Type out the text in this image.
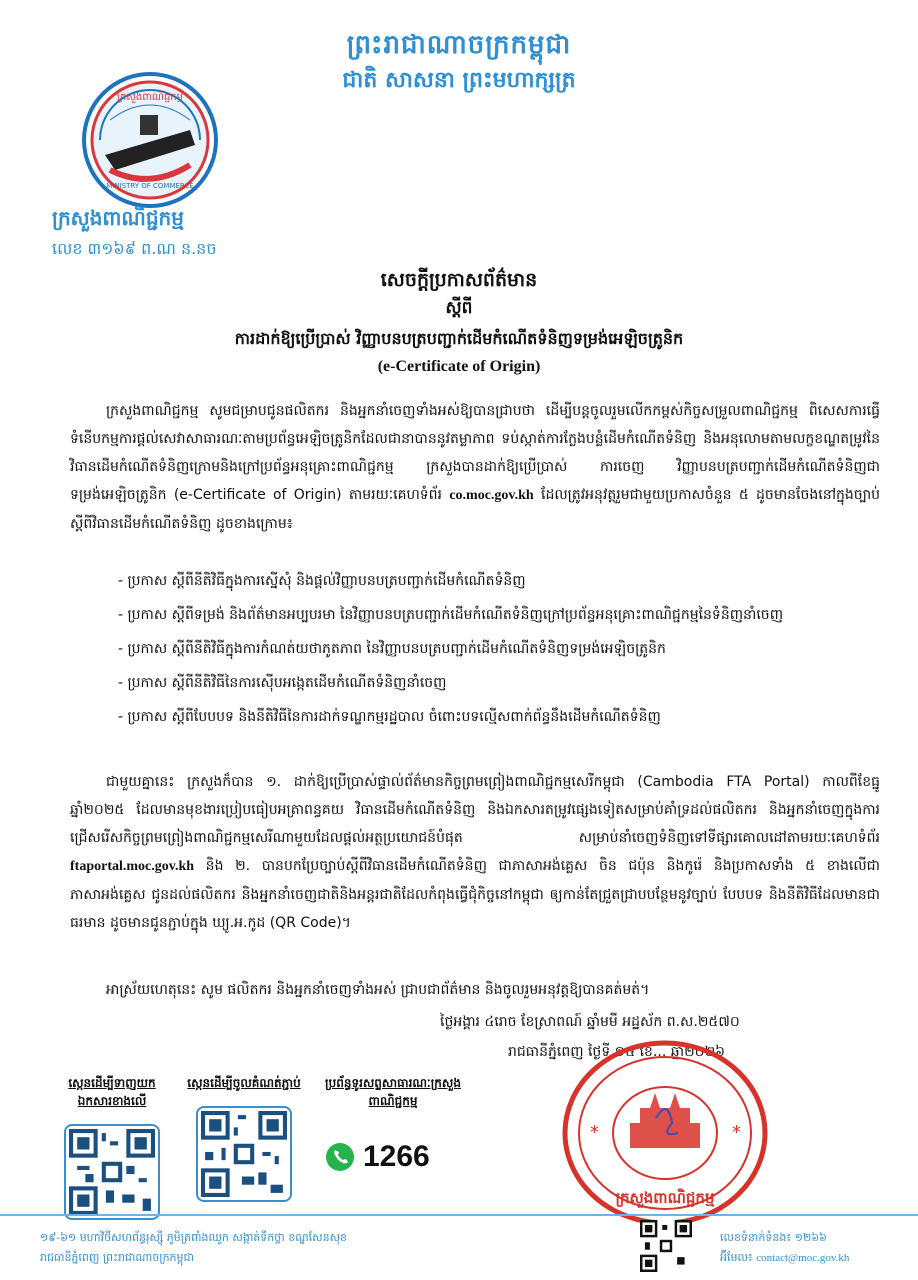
ព្រះរាជាណាចក្រកម្ពុជា
ជាតិ សាសនា ព្រះមហាក្សត្រ
ក្រសួងពាណិជ្ជកម្ម
MINISTRY OF COMMERCE
ក្រសួងពាណិជ្ជកម្ម
លេខ ៣១៦៩ ព.ណ ន.នច
សេចក្តីប្រកាសព័ត៌មាន
ស្តីពី
ការដាក់ឱ្យប្រើប្រាស់ វិញ្ញាបនបត្របញ្ជាក់ដើមកំណើតទំនិញទម្រង់អេឡិចត្រូនិក
(e-Certificate of Origin)
ក្រសួងពាណិជ្ជកម្ម សូមជម្រាបជូនផលិតករ និងអ្នកនាំចេញទាំងអស់ឱ្យបានជ្រាបថា ដើម្បីបន្តចូលរួមលើកកម្ពស់កិច្ចសម្រួលពាណិជ្ជកម្ម ពិសេសការធ្វើទំនើបកម្មការផ្តល់សេវាសាធារណៈតាមប្រព័ន្ធអេឡិចត្រូនិកដែលជានាបាននូវតម្លាភាព ទប់ស្កាត់ការក្លែងបន្លំដើមកំណើតទំនិញ និងអនុលោមតាមលក្ខខណ្ឌតម្រូវនៃវិធានដើមកំណើតទំនិញក្រោមនិងក្រៅប្រព័ន្ធអនុគ្រោះពាណិជ្ជកម្ម ក្រសួងបានដាក់ឱ្យប្រើប្រាស់ ការចេញ វិញ្ញាបនបត្របញ្ជាក់ដើមកំណើតទំនិញជាទម្រង់អេឡិចត្រូនិក (e-Certificate of Origin) តាមរយៈគេហទំព័រ co.moc.gov.kh ដែលត្រូវអនុវត្តរួមជាមួយប្រកាសចំនួន ៥ ដូចមានចែងនៅក្នុងច្បាប់ ស្តីពីវិធានដើមកំណើតទំនិញ ដូចខាងក្រោម៖
- ប្រកាស ស្តីពីនីតិវិធីក្នុងការស្នើសុំ និងផ្តល់វិញ្ញាបនបត្របញ្ជាក់ដើមកំណើតទំនិញ
- ប្រកាស ស្តីពីទម្រង់ និងព័ត៌មានអប្បបរមា នៃវិញ្ញាបនបត្របញ្ជាក់ដើមកំណើតទំនិញក្រៅប្រព័ន្ធអនុគ្រោះពាណិជ្ជកម្មនៃទំនិញនាំចេញ
- ប្រកាស ស្តីពីនីតិវិធីក្នុងការកំណត់យថាភូតភាព នៃវិញ្ញាបនបត្របញ្ជាក់ដើមកំណើតទំនិញទម្រង់អេឡិចត្រូនិក
- ប្រកាស ស្តីពីនីតិវិធីនៃការស៊ើបអង្កេតដើមកំណើតទំនិញនាំចេញ
- ប្រកាស ស្តីពីបែបបទ និងនីតិវិធីនៃការដាក់ទណ្ឌកម្មរដ្ឋបាល ចំពោះបទល្មើសពាក់ព័ន្ធនឹងដើមកំណើតទំនិញ
ជាមួយគ្នានេះ ក្រសួងក៏បាន ១. ដាក់ឱ្យប្រើប្រាស់ផ្ទាល់ព័ត៌មានកិច្ចព្រមព្រៀងពាណិជ្ជកម្មសេរីកម្ពុជា (Cambodia FTA Portal) កាលពីខែធ្នូ ឆ្នាំ២០២៥ ដែលមានមុខងារប្រៀបធៀបអត្រាពន្ធគយ វិធានដើមកំណើតទំនិញ និងឯកសារតម្រូវផ្សេងទៀតសម្រាប់គាំទ្រដល់ផលិតករ និងអ្នកនាំចេញក្នុងការជ្រើសរើសកិច្ចព្រមព្រៀងពាណិជ្ជកម្មសេរីណាមួយដែលផ្តល់អត្ថប្រយោជន៍បំផុត សម្រាប់នាំចេញទំនិញទៅទីផ្សារគោលដៅតាមរយៈគេហទំព័រ ftaportal.moc.gov.kh និង ២. បានបកប្រែច្បាប់ស្តីពីវិធានដើមកំណើតទំនិញ ជាភាសាអង់គ្លេស ចិន ជប៉ុន និងកូរ៉េ និងប្រកាសទាំង ៥ ខាងលើជាភាសាអង់គ្លេស ជូនដល់ផលិតករ និងអ្នកនាំចេញជាតិនិងអន្តរជាតិដែលកំពុងធ្វើជុំកិច្ចនៅកម្ពុជា ឲ្យកាន់តែជ្រួតជ្រាបបន្ថែមនូវច្បាប់ បែបបទ និងនីតិវិធីដែលមានជាធរមាន ដូចមានជូនភ្ជាប់ក្នុង ឃ្យូ.អ.កូដ (QR Code)។
អាស្រ័យហេតុនេះ សូម ផលិតករ និងអ្នកនាំចេញទាំងអស់ ជ្រាបជាព័ត៌មាន និងចូលរួមអនុវត្តឱ្យបានគត់មត់។
ថ្ងៃអង្គារ ៤រោច ខែស្រាពណ៍ ឆ្នាំមមី អដ្ឋស័ក ព.ស.២៥៧០
រាជធានីភ្នំពេញ ថ្ងៃទី ១៤ ខែ... ឆ្នាំ២០២៦
ស្កេនដើម្បីទាញយកឯកសារខាងលើ
ស្កេនដើម្បីចូលគំណត់ភ្ជាប់	ប្រព័ន្ធទូរសព្ទសាធារណៈក្រសួងពាណិជ្ជកម្ម
1266
*	*
ក្រសួងពាណិជ្ជកម្ម
១៩-៦១ មហាវិថីសហព័ន្ធរុស្ស៊ី ភូមិត្រពាំងឈូក សង្កាត់ទឹកថ្លា ខណ្ឌសែនសុខ
រាជធានីភ្នំពេញ ព្រះរាជាណាចក្រកម្ពុជា
លេខទំនាក់ទំនង៖ ១២៦៦
អ៊ីមែល៖ contact@moc.gov.kh
